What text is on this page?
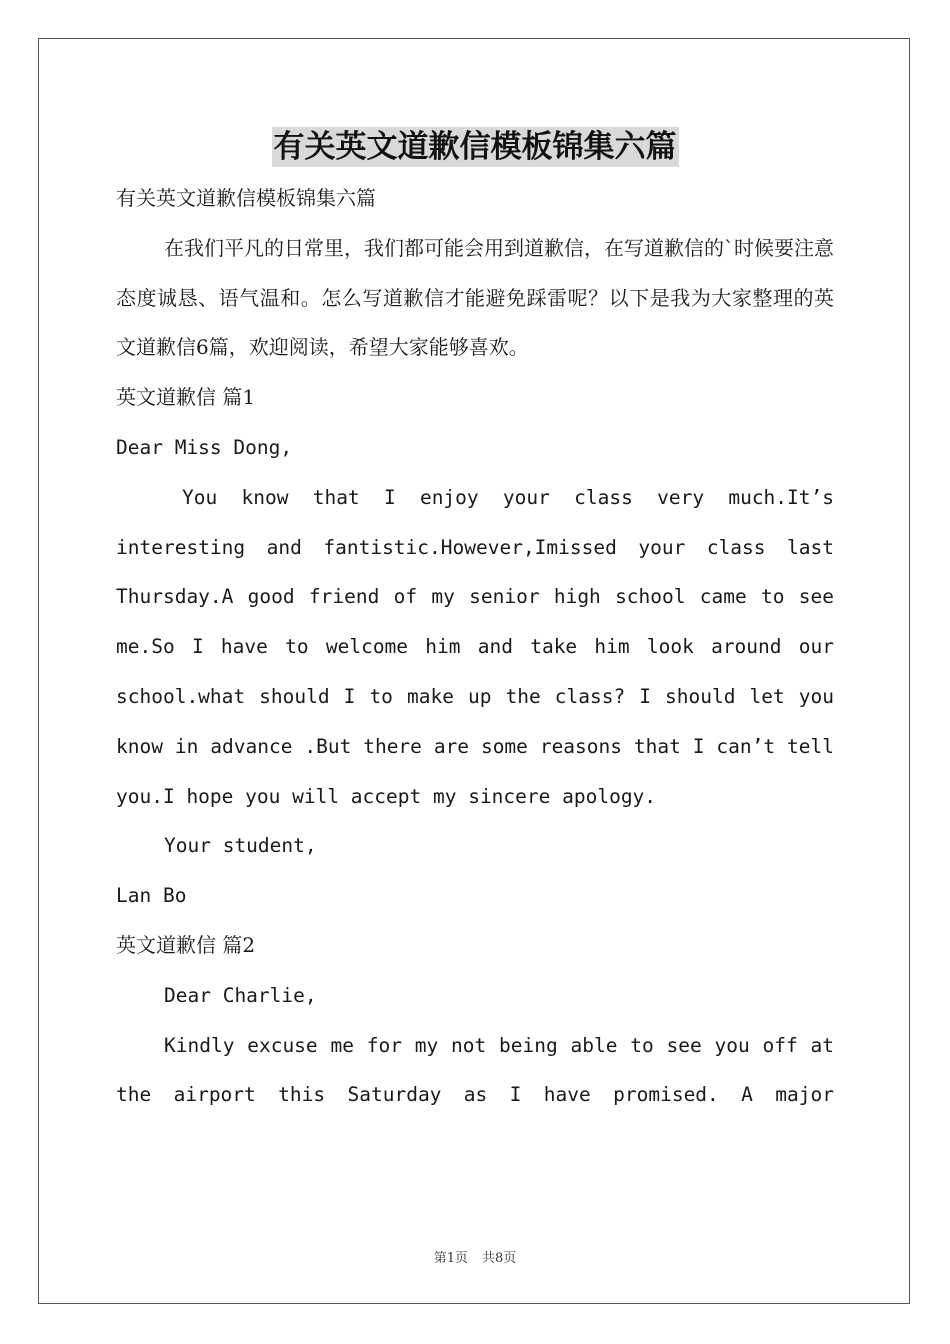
有关英文道歉信模板锦集六篇

有关英文道歉信模板锦集六篇

在我们平凡的日常里，我们都可能会用到道歉信，在写道歉信的`时候要注意态度诚恳、语气温和。怎么写道歉信才能避免踩雷呢？以下是我为大家整理的英文道歉信6篇，欢迎阅读，希望大家能够喜欢。

英文道歉信 篇1

Dear Miss Dong,

You know that I enjoy your class very much.It’s interesting and fantistic.However,Imissed your class last Thursday.A good friend of my senior high school came to see me.So I have to welcome him and take him look around our school.what should I to make up the class? I should let you know in advance .But there are some reasons that I can’t tell you.I hope you will accept my sincere apology.

Your student,

Lan Bo

英文道歉信 篇2

Dear Charlie,

Kindly excuse me for my not being able to see you off at the airport this Saturday as I have promised. A major

第1页 共8页
